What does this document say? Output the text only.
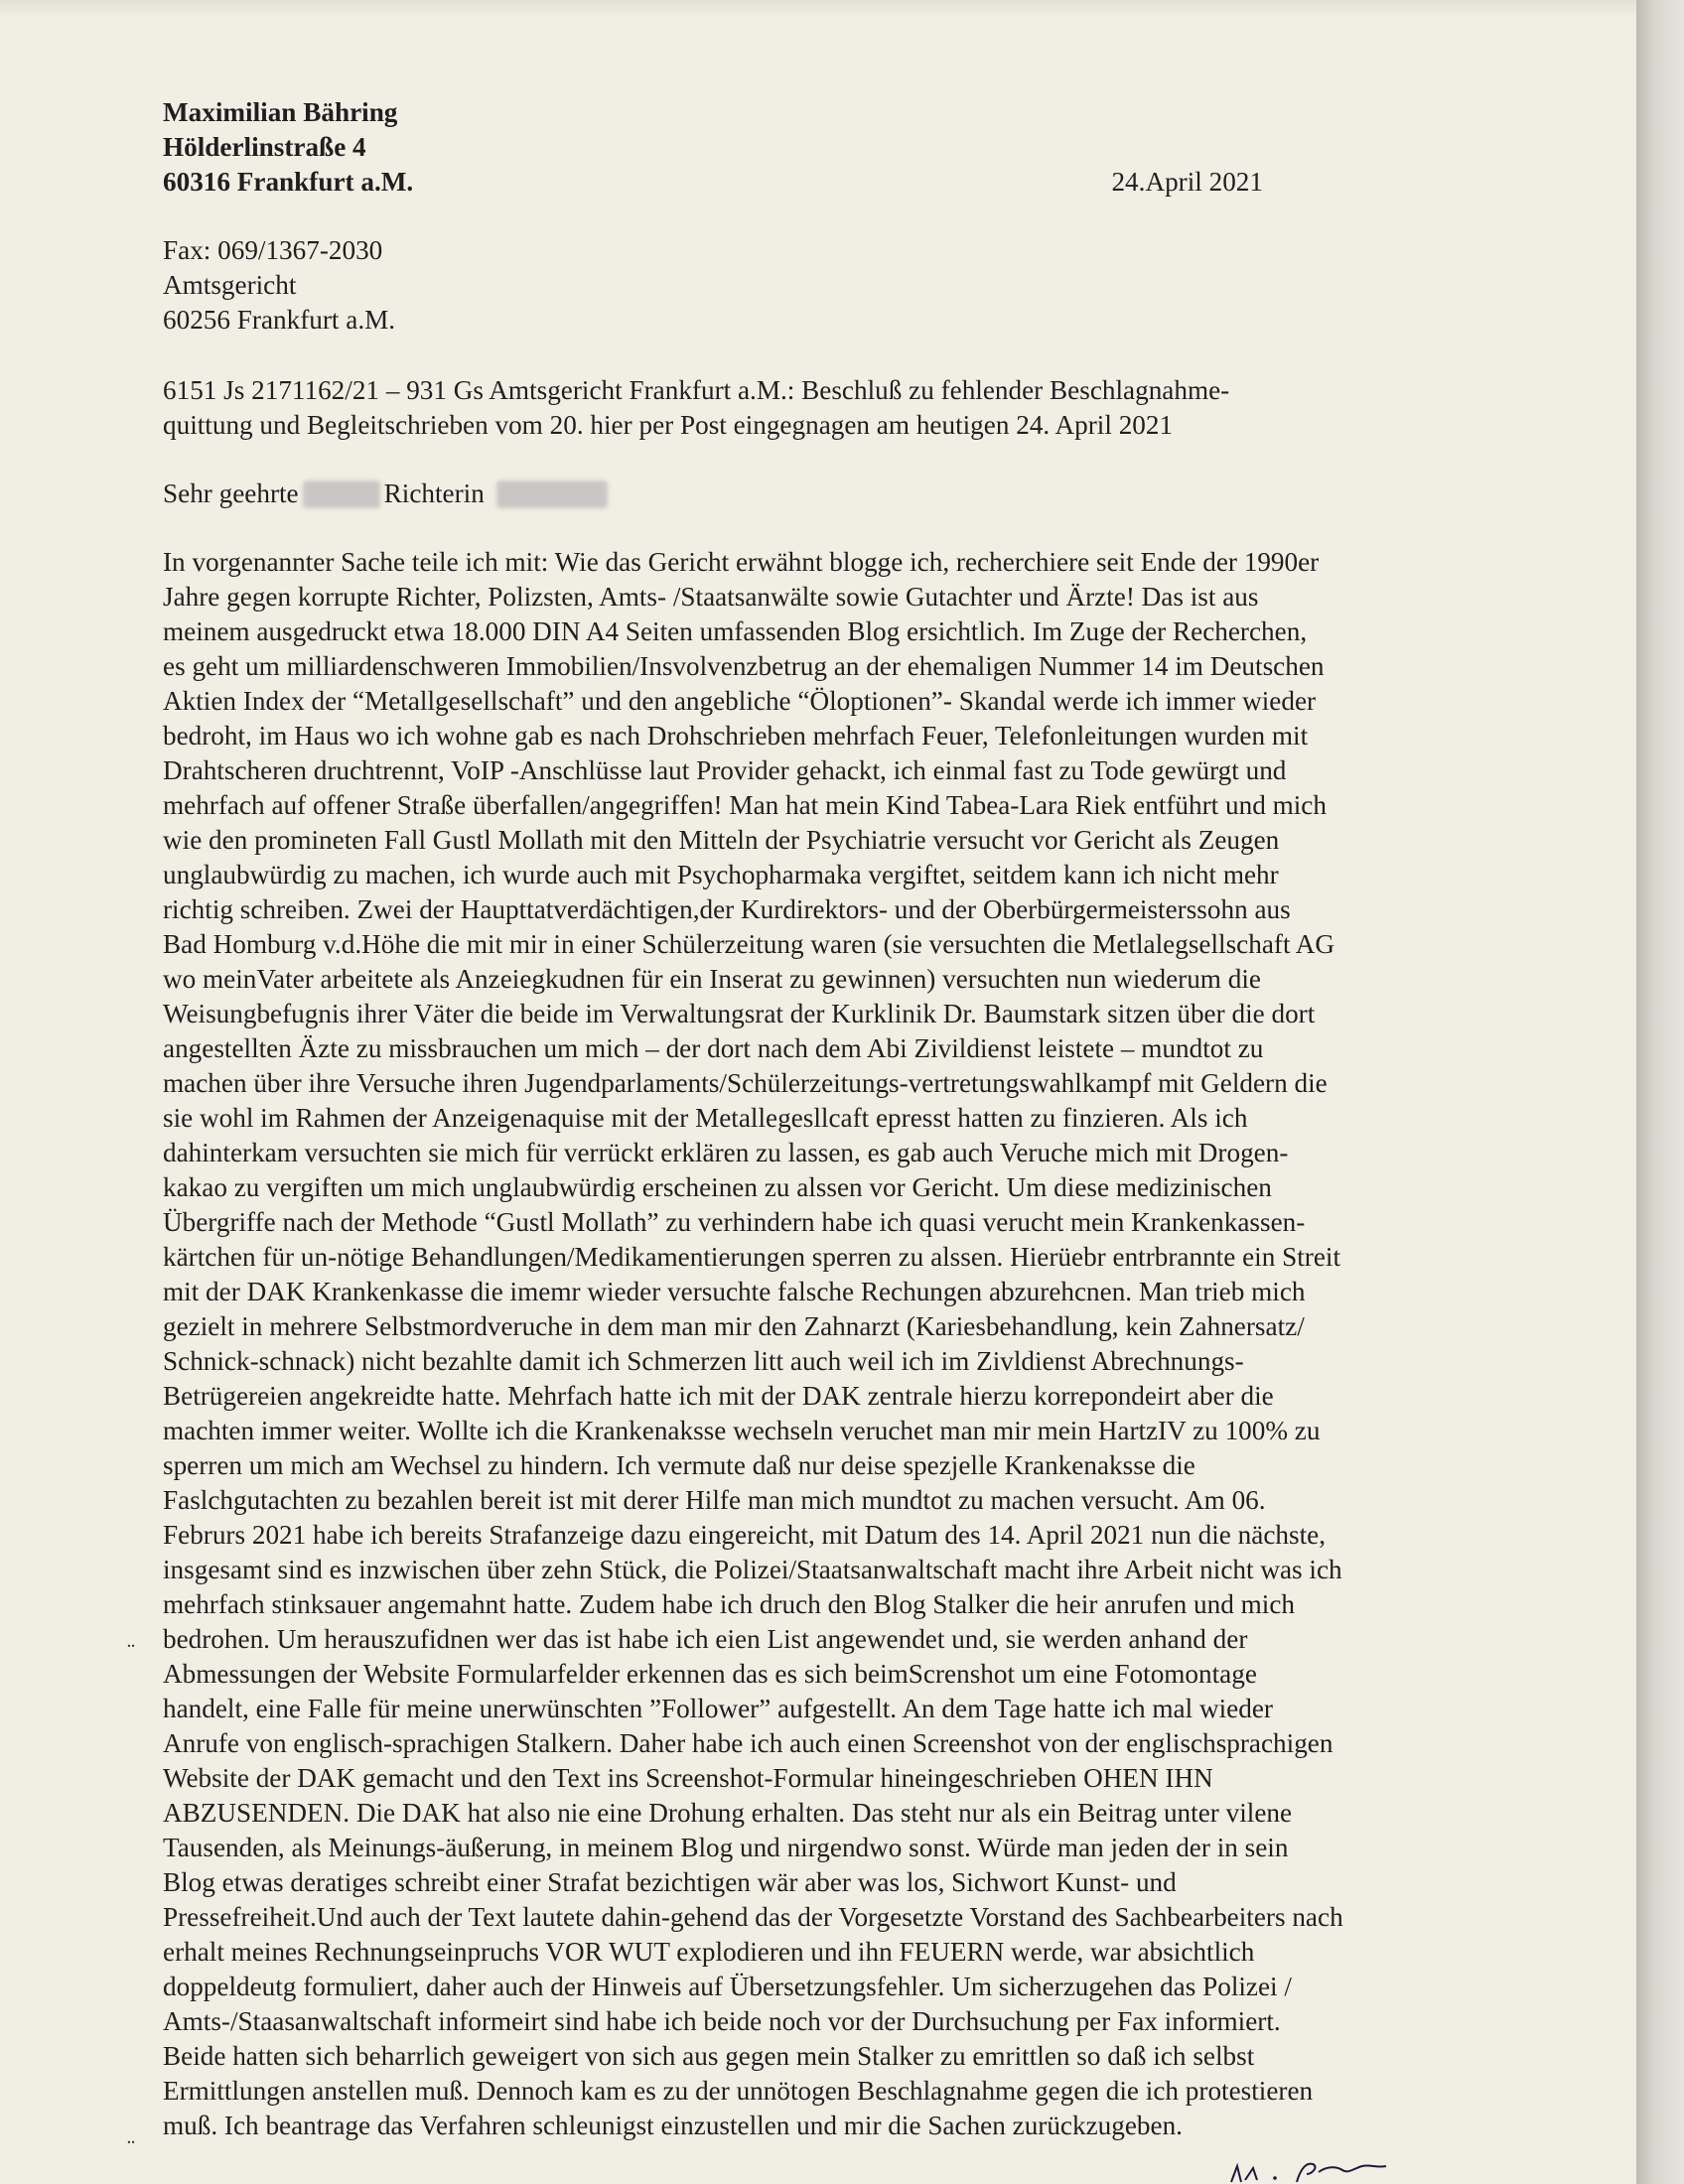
Maximilian Bähring
Hölderlinstraße 4
60316 Frankfurt a.M.	24.April 2021
Fax: 069/1367-2030
Amtsgericht
60256 Frankfurt a.M.
6151 Js 2171162/21 – 931 Gs Amtsgericht Frankfurt a.M.: Beschluß zu fehlender Beschlagnahme-
quittung und Begleitschrieben vom 20. hier per Post eingegnagen am heutigen 24. April 2021
Sehr geehrte	Richterin
In vorgenannter Sache teile ich mit: Wie das Gericht erwähnt blogge ich, recherchiere seit Ende der 1990er
Jahre gegen korrupte Richter, Polizsten, Amts- /Staatsanwälte sowie Gutachter und Ärzte! Das ist aus
meinem ausgedruckt etwa 18.000 DIN A4 Seiten umfassenden Blog ersichtlich. Im Zuge der Recherchen,
es geht um milliardenschweren Immobilien/Insvolvenzbetrug an der ehemaligen Nummer 14 im Deutschen
Aktien Index der “Metallgesellschaft” und den angebliche “Öloptionen”- Skandal werde ich immer wieder
bedroht, im Haus wo ich wohne gab es nach Drohschrieben mehrfach Feuer, Telefonleitungen wurden mit
Drahtscheren druchtrennt, VoIP -Anschlüsse laut Provider gehackt, ich einmal fast zu Tode gewürgt und
mehrfach auf offener Straße überfallen/angegriffen! Man hat mein Kind Tabea-Lara Riek entführt und mich
wie den promineten Fall Gustl Mollath mit den Mitteln der Psychiatrie versucht vor Gericht als Zeugen
unglaubwürdig zu machen, ich wurde auch mit Psychopharmaka vergiftet, seitdem kann ich nicht mehr
richtig schreiben. Zwei der Haupttatverdächtigen,der Kurdirektors- und der Oberbürgermeisterssohn aus
Bad Homburg v.d.Höhe die mit mir in einer Schülerzeitung waren (sie versuchten die Metlalegsellschaft AG
wo meinVater arbeitete als Anzeiegkudnen für ein Inserat zu gewinnen) versuchten nun wiederum die
Weisungbefugnis ihrer Väter die beide im Verwaltungsrat der Kurklinik Dr. Baumstark sitzen über die dort
angestellten Äzte zu missbrauchen um mich – der dort nach dem Abi Zivildienst leistete – mundtot zu
machen über ihre Versuche ihren Jugendparlaments/Schülerzeitungs-vertretungswahlkampf mit Geldern die
sie wohl im Rahmen der Anzeigenaquise mit der Metallegesllcaft epresst hatten zu finzieren. Als ich
dahinterkam versuchten sie mich für verrückt erklären zu lassen, es gab auch Veruche mich mit Drogen-
kakao zu vergiften um mich unglaubwürdig erscheinen zu alssen vor Gericht. Um diese medizinischen
Übergriffe nach der Methode “Gustl Mollath” zu verhindern habe ich quasi verucht mein Krankenkassen-
kärtchen für un-nötige Behandlungen/Medikamentierungen sperren zu alssen. Hierüebr entrbrannte ein Streit
mit der DAK Krankenkasse die imemr wieder versuchte falsche Rechungen abzurehcnen. Man trieb mich
gezielt in mehrere Selbstmordveruche in dem man mir den Zahnarzt (Kariesbehandlung, kein Zahnersatz/
Schnick-schnack) nicht bezahlte damit ich Schmerzen litt auch weil ich im Zivldienst Abrechnungs-
Betrügereien angekreidte hatte. Mehrfach hatte ich mit der DAK zentrale hierzu korrepondeirt aber die
machten immer weiter. Wollte ich die Krankenaksse wechseln veruchet man mir mein HartzIV zu 100% zu
sperren um mich am Wechsel zu hindern. Ich vermute daß nur deise spezjelle Krankenaksse die
Faslchgutachten zu bezahlen bereit ist mit derer Hilfe man mich mundtot zu machen versucht. Am 06.
Februrs 2021 habe ich bereits Strafanzeige dazu eingereicht, mit Datum des 14. April 2021 nun die nächste,
insgesamt sind es inzwischen über zehn Stück, die Polizei/Staatsanwaltschaft macht ihre Arbeit nicht was ich
mehrfach stinksauer angemahnt hatte. Zudem habe ich druch den Blog Stalker die heir anrufen und mich
bedrohen. Um herauszufidnen wer das ist habe ich eien List angewendet und, sie werden anhand der
Abmessungen der Website Formularfelder erkennen das es sich beimScrenshot um eine Fotomontage
handelt, eine Falle für meine unerwünschten ”Follower” aufgestellt. An dem Tage hatte ich mal wieder
Anrufe von englisch-sprachigen Stalkern. Daher habe ich auch einen Screenshot von der englischsprachigen
Website der DAK gemacht und den Text ins Screenshot-Formular hineingeschrieben OHEN IHN
ABZUSENDEN. Die DAK hat also nie eine Drohung erhalten. Das steht nur als ein Beitrag unter vilene
Tausenden, als Meinungs-äußerung, in meinem Blog und nirgendwo sonst. Würde man jeden der in sein
Blog etwas deratiges schreibt einer Strafat bezichtigen wär aber was los, Sichwort Kunst- und
Pressefreiheit.Und auch der Text lautete dahin-gehend das der Vorgesetzte Vorstand des Sachbearbeiters nach
erhalt meines Rechnungseinpruchs VOR WUT explodieren und ihn FEUERN werde, war absichtlich
doppeldeutg formuliert, daher auch der Hinweis auf Übersetzungsfehler. Um sicherzugehen das Polizei /
Amts-/Staasanwaltschaft informeirt sind habe ich beide noch vor der Durchsuchung per Fax informiert.
Beide hatten sich beharrlich geweigert von sich aus gegen mein Stalker zu emrittlen so daß ich selbst
Ermittlungen anstellen muß. Dennoch kam es zu der unnötogen Beschlagnahme gegen die ich protestieren
muß. Ich beantrage das Verfahren schleunigst einzustellen und mir die Sachen zurückzugeben.
¨
¨
